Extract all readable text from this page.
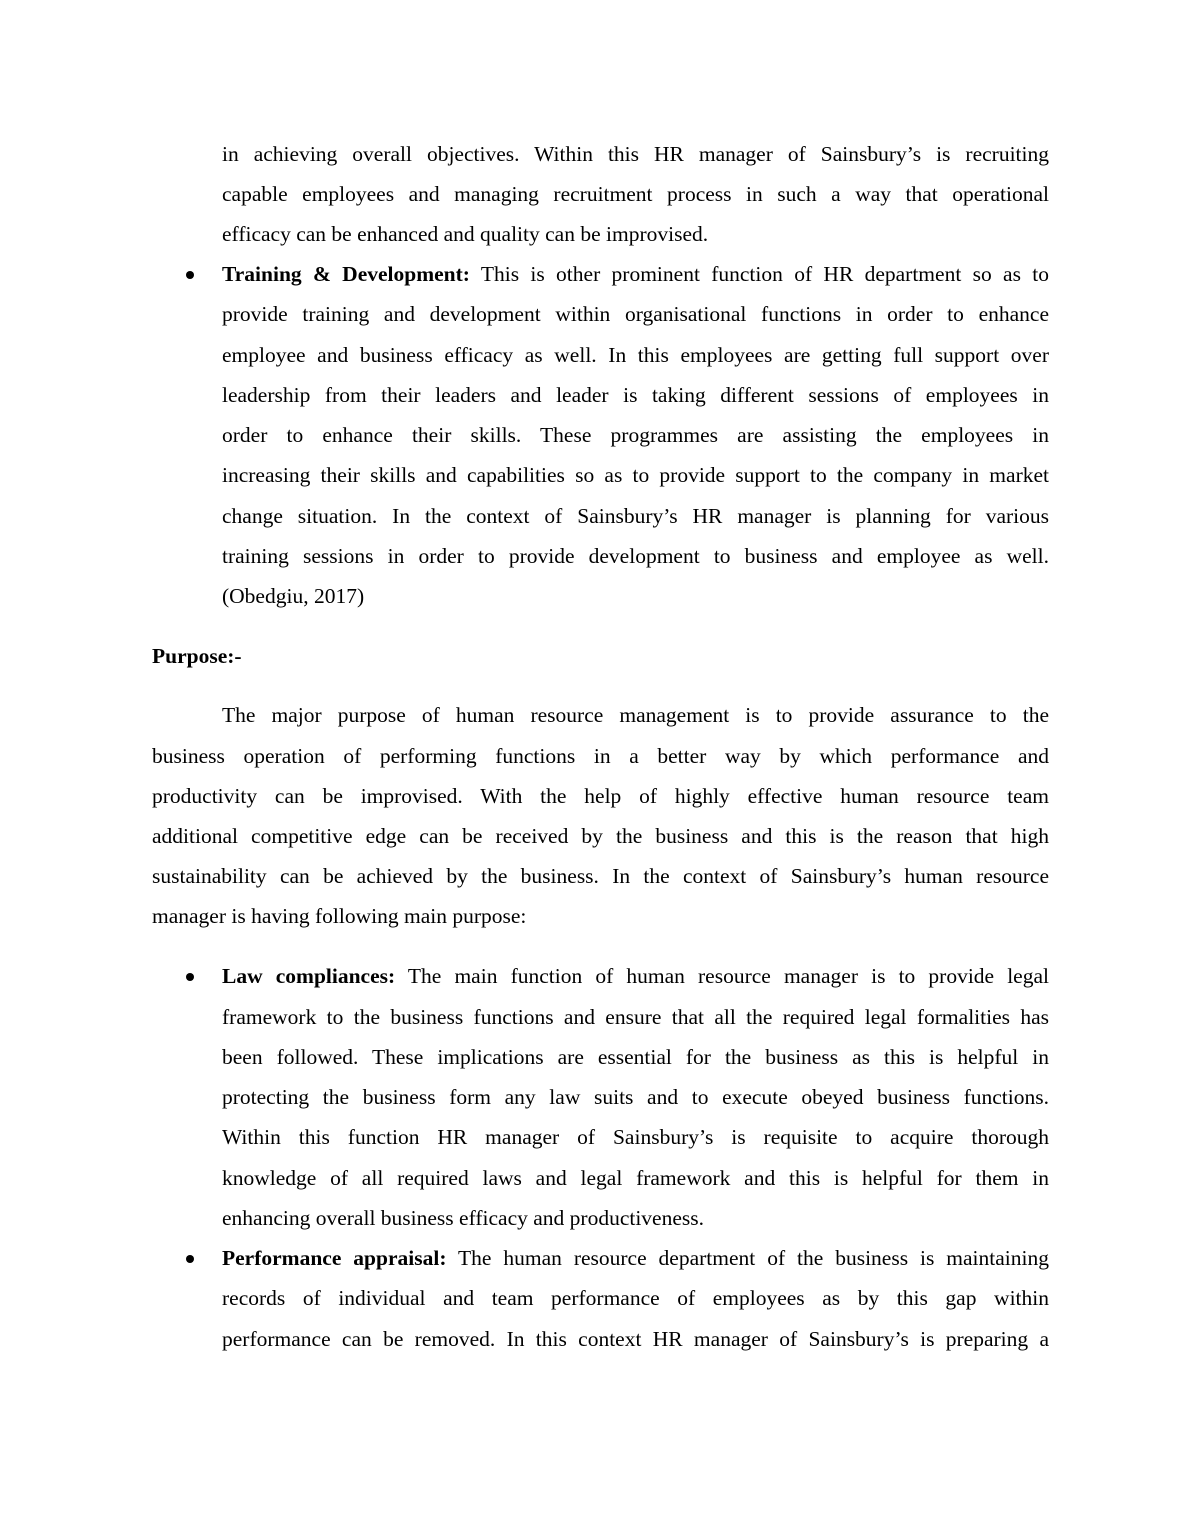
in achieving overall objectives. Within this HR manager of Sainsbury’s is recruiting
capable employees and managing recruitment process in such a way that operational
efficacy can be enhanced and quality can be improvised.
Training & Development: This is other prominent function of HR department so as to
provide training and development within organisational functions in order to enhance
employee and business efficacy as well. In this employees are getting full support over
leadership from their leaders and leader is taking different sessions of employees in
order to enhance their skills. These programmes are assisting the employees in
increasing their skills and capabilities so as to provide support to the company in market
change situation. In the context of Sainsbury’s HR manager is planning for various
training sessions in order to provide development to business and employee as well.
(Obedgiu, 2017)
Purpose:-
The major purpose of human resource management is to provide assurance to the
business operation of performing functions in a better way by which performance and
productivity can be improvised. With the help of highly effective human resource team
additional competitive edge can be received by the business and this is the reason that high
sustainability can be achieved by the business. In the context of Sainsbury’s human resource
manager is having following main purpose:
Law compliances: The main function of human resource manager is to provide legal
framework to the business functions and ensure that all the required legal formalities has
been followed. These implications are essential for the business as this is helpful in
protecting the business form any law suits and to execute obeyed business functions.
Within this function HR manager of Sainsbury’s is requisite to acquire thorough
knowledge of all required laws and legal framework and this is helpful for them in
enhancing overall business efficacy and productiveness.
Performance appraisal: The human resource department of the business is maintaining
records of individual and team performance of employees as by this gap within
performance can be removed. In this context HR manager of Sainsbury’s is preparing a
